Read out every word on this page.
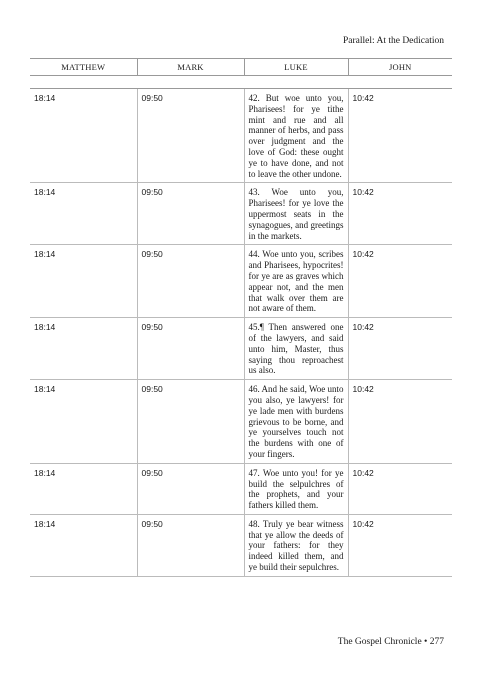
Parallel: At the Dedication
MATTHEW	MARK	LUKE	JOHN

18:14	09:50	42. But woe unto you, Pharisees! for ye tithe mint and rue and all manner of herbs, and pass over judgment and the love of God: these ought ye to have done, and not to leave the other undone.	10:42
18:14	09:50	43. Woe unto you, Pharisees! for ye love the uppermost seats in the synagogues, and greetings in the markets.	10:42
18:14	09:50	44. Woe unto you, scribes and Pharisees, hypocrites! for ye are as graves which appear not, and the men that walk over them are not aware of them.	10:42
18:14	09:50	45.¶ Then answered one of the lawyers, and said unto him, Master, thus saying thou reproachest us also.	10:42
18:14	09:50	46. And he said, Woe unto you also, ye lawyers! for ye lade men with burdens grievous to be borne, and ye yourselves touch not the burdens with one of your fingers.	10:42
18:14	09:50	47. Woe unto you! for ye build the selpulchres of the prophets, and your fathers killed them.	10:42
18:14	09:50	48. Truly ye bear witness that ye allow the deeds of your fathers: for they indeed killed them, and ye build their sepulchres.	10:42
The Gospel Chronicle • 277
